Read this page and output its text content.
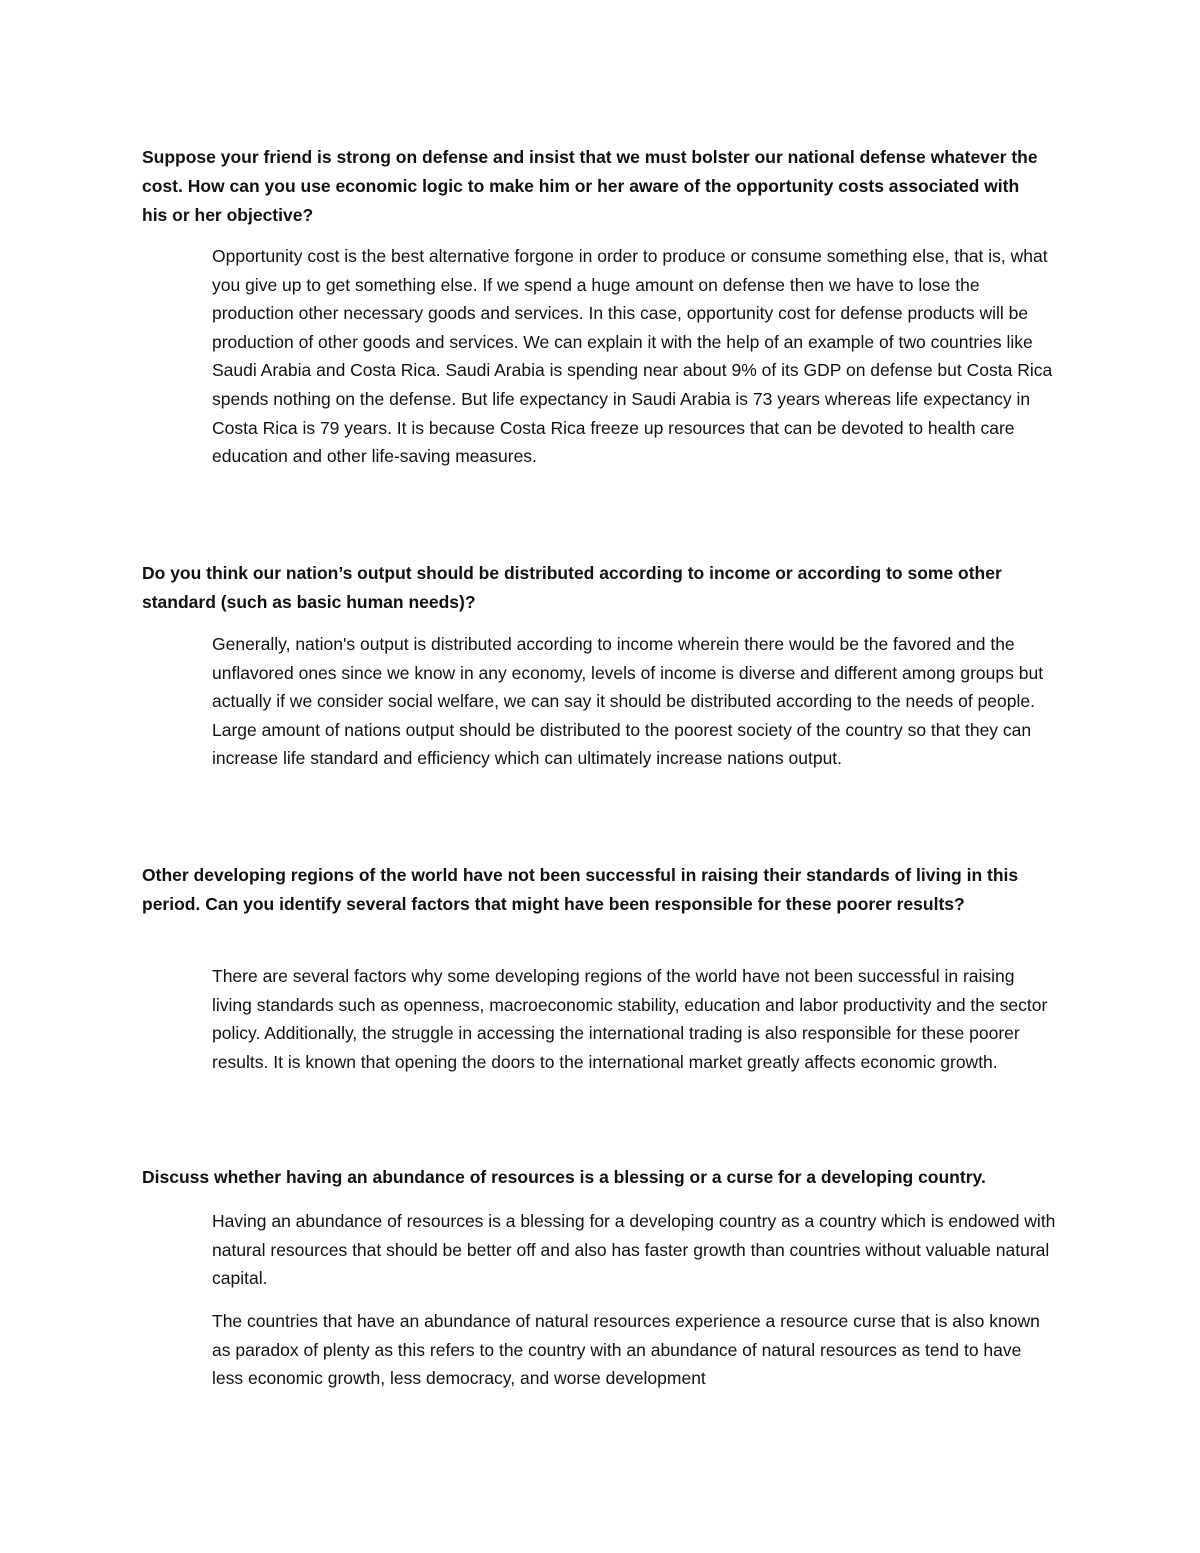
Suppose your friend is strong on defense and insist that we must bolster our national defense whatever the cost. How can you use economic logic to make him or her aware of the opportunity costs associated with his or her objective?

Opportunity cost is the best alternative forgone in order to produce or consume something else, that is, what you give up to get something else. If we spend a huge amount on defense then we have to lose the production other necessary goods and services. In this case, opportunity cost for defense products will be production of other goods and services. We can explain it with the help of an example of two countries like Saudi Arabia and Costa Rica. Saudi Arabia is spending near about 9% of its GDP on defense but Costa Rica spends nothing on the defense. But life expectancy in Saudi Arabia is 73 years whereas life expectancy in Costa Rica is 79 years. It is because Costa Rica freeze up resources that can be devoted to health care education and other life-saving measures.

Do you think our nation’s output should be distributed according to income or according to some other standard (such as basic human needs)?

Generally, nation's output is distributed according to income wherein there would be the favored and the unflavored ones since we know in any economy, levels of income is diverse and different among groups but actually if we consider social welfare, we can say it should be distributed according to the needs of people. Large amount of nations output should be distributed to the poorest society of the country so that they can increase life standard and efficiency which can ultimately increase nations output.

Other developing regions of the world have not been successful in raising their standards of living in this period. Can you identify several factors that might have been responsible for these poorer results?

There are several factors why some developing regions of the world have not been successful in raising living standards such as openness, macroeconomic stability, education and labor productivity and the sector policy. Additionally, the struggle in accessing the international trading is also responsible for these poorer results. It is known that opening the doors to the international market greatly affects economic growth.

Discuss whether having an abundance of resources is a blessing or a curse for a developing country.

Having an abundance of resources is a blessing for a developing country as a country which is endowed with natural resources that should be better off and also has faster growth than countries without valuable natural capital.

The countries that have an abundance of natural resources experience a resource curse that is also known as paradox of plenty as this refers to the country with an abundance of natural resources as tend to have less economic growth, less democracy, and worse development
